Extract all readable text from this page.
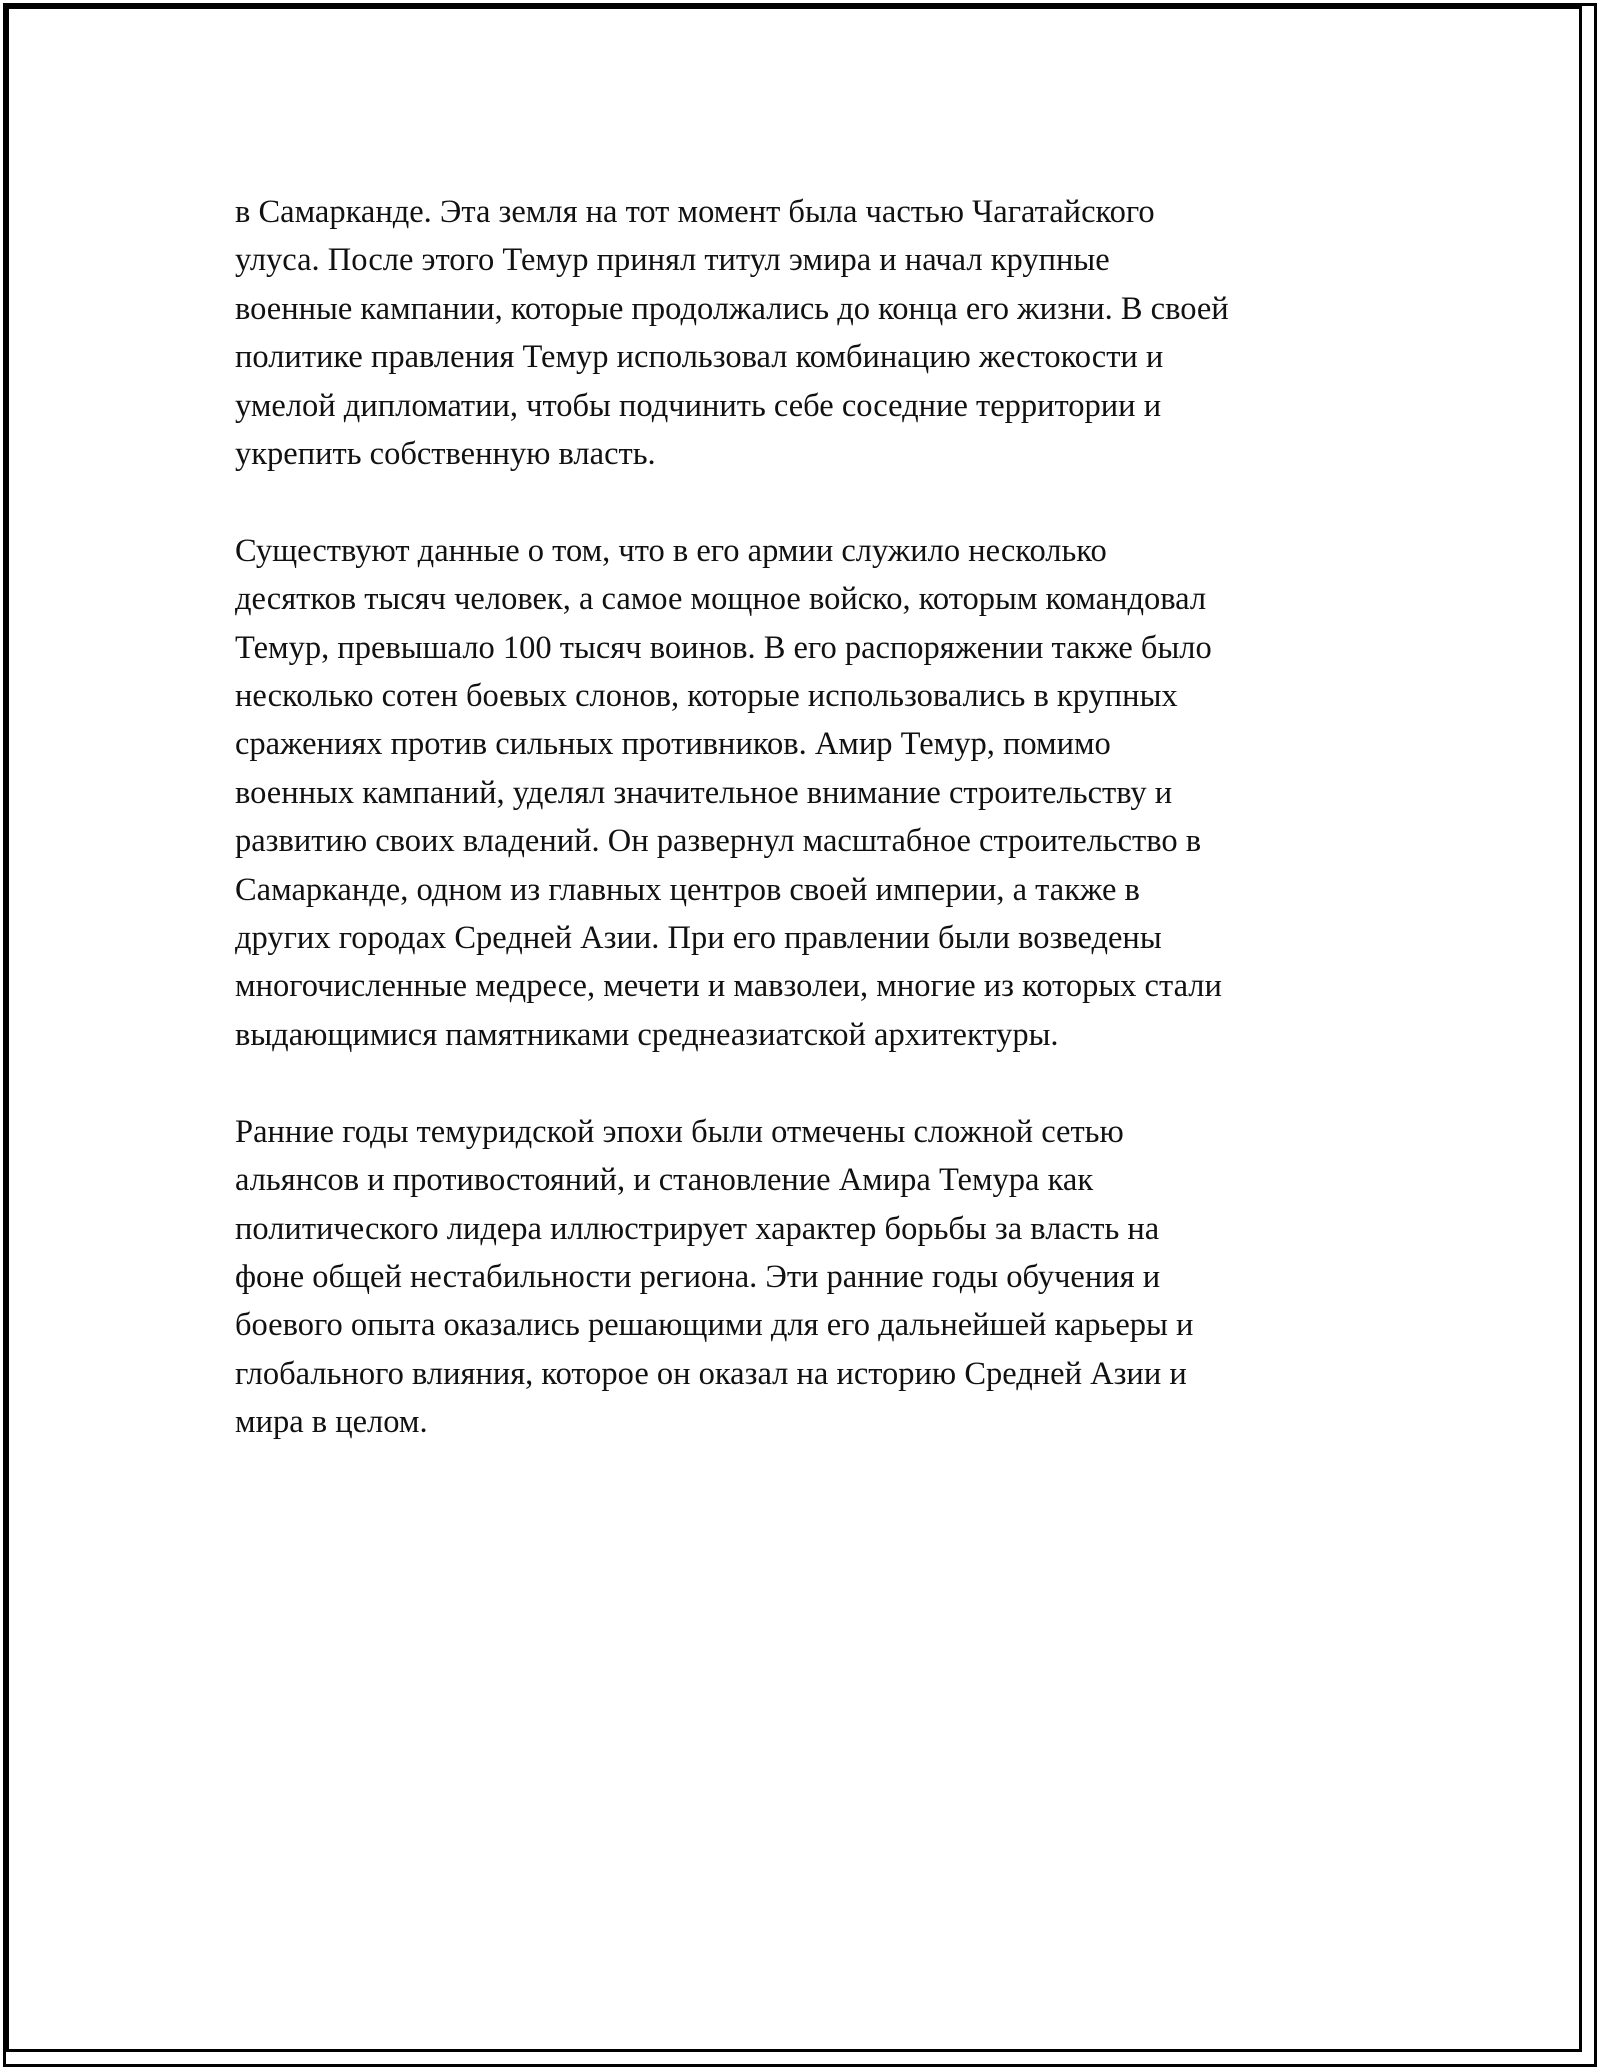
в Самарканде. Эта земля на тот момент была частью Чагатайского
улуса. После этого Темур принял титул эмира и начал крупные
военные кампании, которые продолжались до конца его жизни. В своей
политике правления Темур использовал комбинацию жестокости и
умелой дипломатии, чтобы подчинить себе соседние территории и
укрепить собственную власть.

Существуют данные о том, что в его армии служило несколько
десятков тысяч человек, а самое мощное войско, которым командовал
Темур, превышало 100 тысяч воинов. В его распоряжении также было
несколько сотен боевых слонов, которые использовались в крупных
сражениях против сильных противников. Амир Темур, помимо
военных кампаний, уделял значительное внимание строительству и
развитию своих владений. Он развернул масштабное строительство в
Самарканде, одном из главных центров своей империи, а также в
других городах Средней Азии. При его правлении были возведены
многочисленные медресе, мечети и мавзолеи, многие из которых стали
выдающимися памятниками среднеазиатской архитектуры.

Ранние годы темуридской эпохи были отмечены сложной сетью
альянсов и противостояний, и становление Амира Темура как
политического лидера иллюстрирует характер борьбы за власть на
фоне общей нестабильности региона. Эти ранние годы обучения и
боевого опыта оказались решающими для его дальнейшей карьеры и
глобального влияния, которое он оказал на историю Средней Азии и
мира в целом.
